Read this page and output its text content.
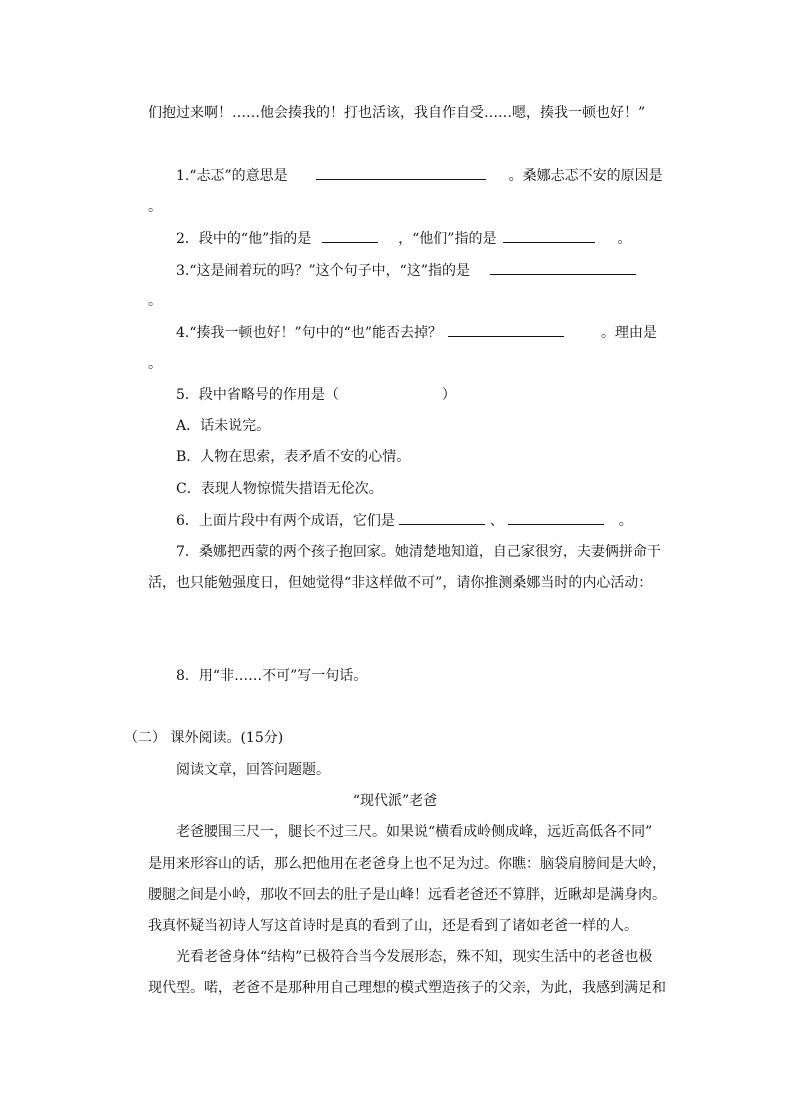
们抱过来啊！……他会揍我的！打也活该，我自作自受……嗯，揍我一顿也好！”
1.“忐忑”的意思是	。桑娜忐忑不安的原因是
。
2．段中的“他”指的是	，“他们”指的是	。
3.“这是闹着玩的吗？”这个句子中，“这”指的是
。
4.“揍我一顿也好！”句中的“也”能否去掉？	。理由是
。
5．段中省略号的作用是（	）
A．话未说完。
B．人物在思索，表矛盾不安的心情。
C．表现人物惊慌失措语无伦次。
6．上面片段中有两个成语，它们是	、	。
7．桑娜把西蒙的两个孩子抱回家。她清楚地知道，自己家很穷，夫妻俩拼命干
活，也只能勉强度日，但她觉得“非这样做不可”，请你推测桑娜当时的内心活动：
8．用“非……不可”写一句话。
（二） 课外阅读。(15分)
阅读文章，回答问题题。
“现代派”老爸
老爸腰围三尺一，腿长不过三尺。如果说“横看成岭侧成峰，远近高低各不同”
是用来形容山的话，那么把他用在老爸身上也不足为过。你瞧：脑袋肩膀间是大岭，
腰腿之间是小岭，那收不回去的肚子是山峰！远看老爸还不算胖，近瞅却是满身肉。
我真怀疑当初诗人写这首诗时是真的看到了山，还是看到了诸如老爸一样的人。
光看老爸身体“结构”已极符合当今发展形态，殊不知，现实生活中的老爸也极
现代型。喏，老爸不是那种用自己理想的模式塑造孩子的父亲，为此，我感到满足和
